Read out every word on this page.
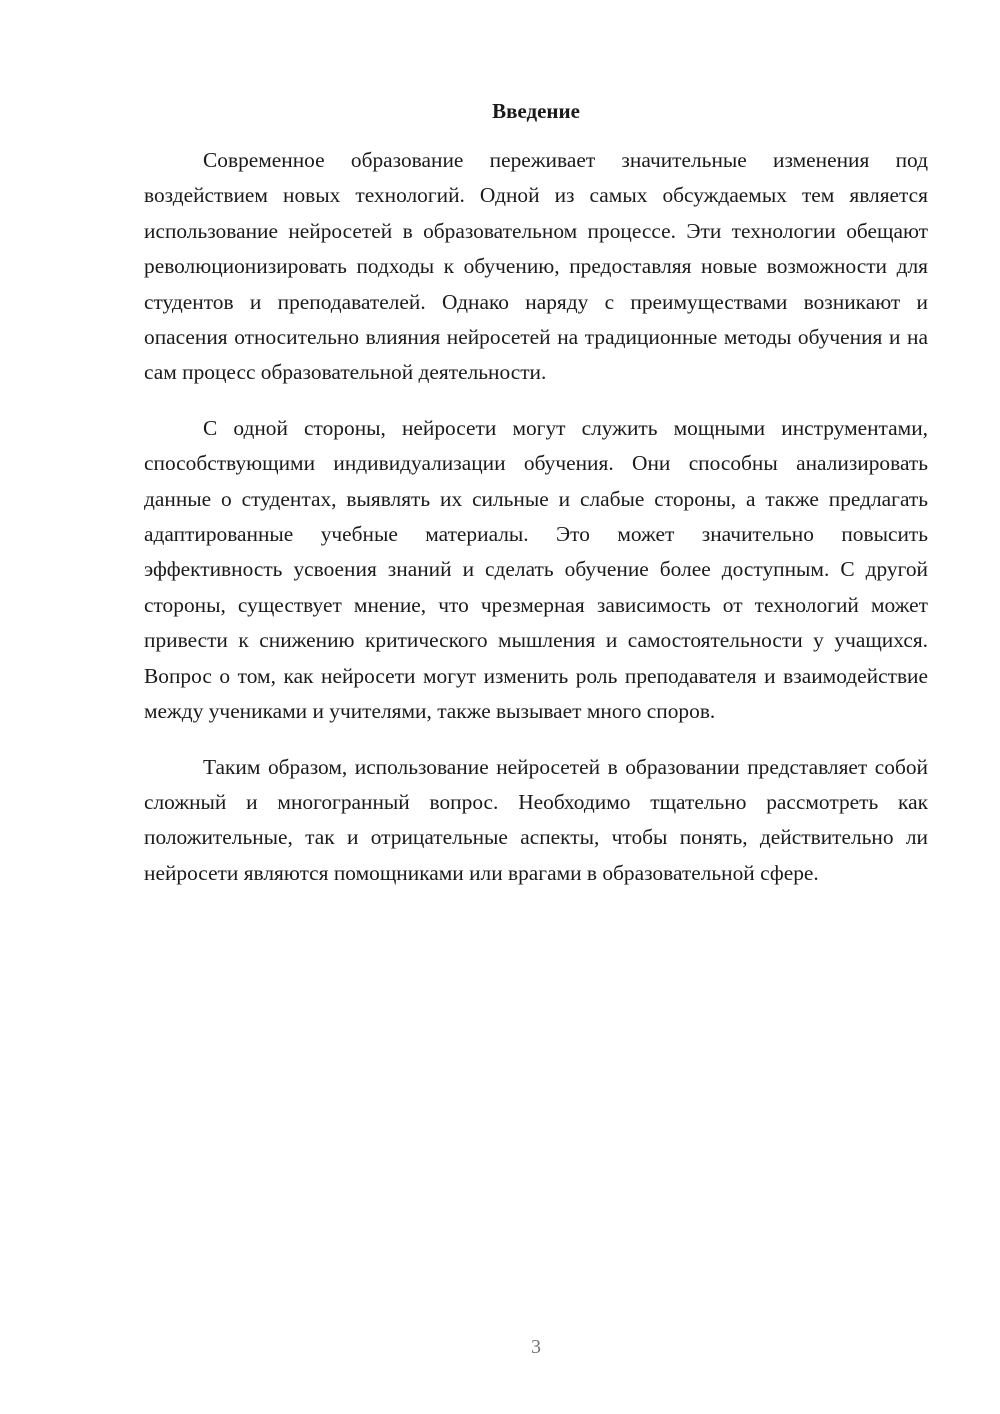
Введение

Современное образование переживает значительные изменения под воздействием новых технологий. Одной из самых обсуждаемых тем является использование нейросетей в образовательном процессе. Эти технологии обещают революционизировать подходы к обучению, предоставляя новые возможности для студентов и преподавателей. Однако наряду с преимуществами возникают и опасения относительно влияния нейросетей на традиционные методы обучения и на сам процесс образовательной деятельности.

С одной стороны, нейросети могут служить мощными инструментами, способствующими индивидуализации обучения. Они способны анализировать данные о студентах, выявлять их сильные и слабые стороны, а также предлагать адаптированные учебные материалы. Это может значительно повысить эффективность усвоения знаний и сделать обучение более доступным. С другой стороны, существует мнение, что чрезмерная зависимость от технологий может привести к снижению критического мышления и самостоятельности у учащихся. Вопрос о том, как нейросети могут изменить роль преподавателя и взаимодействие между учениками и учителями, также вызывает много споров.

Таким образом, использование нейросетей в образовании представляет собой сложный и многогранный вопрос. Необходимо тщательно рассмотреть как положительные, так и отрицательные аспекты, чтобы понять, действительно ли нейросети являются помощниками или врагами в образовательной сфере.

3
